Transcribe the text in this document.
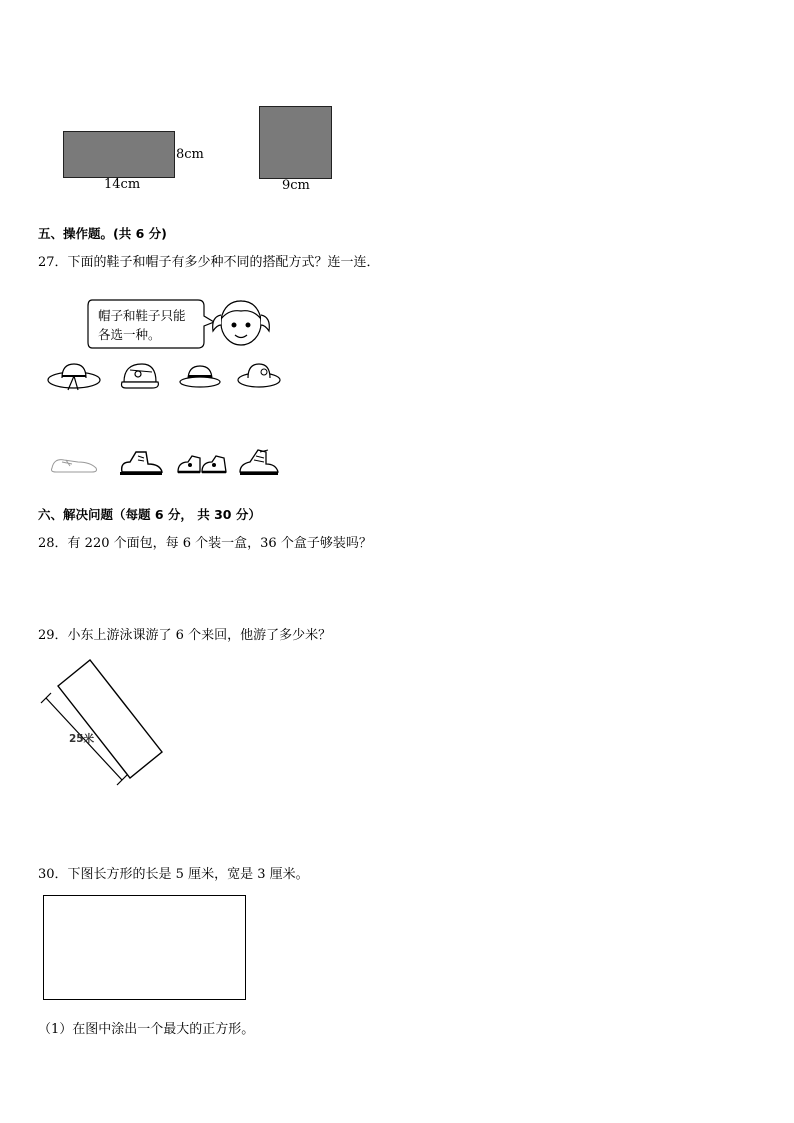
8cm
14cm	9cm
五、操作题。(共 6 分)
27．下面的鞋子和帽子有多少种不同的搭配方式？连一连．
帽子和鞋子只能
各选一种。
六、解决问题（每题 6 分， 共 30 分）
28．有 220 个面包，每 6 个装一盒，36 个盒子够装吗？
29．小东上游泳课游了 6 个来回，他游了多少米？
25米
30．下图长方形的长是 5 厘米，宽是 3 厘米。
（1）在图中涂出一个最大的正方形。
